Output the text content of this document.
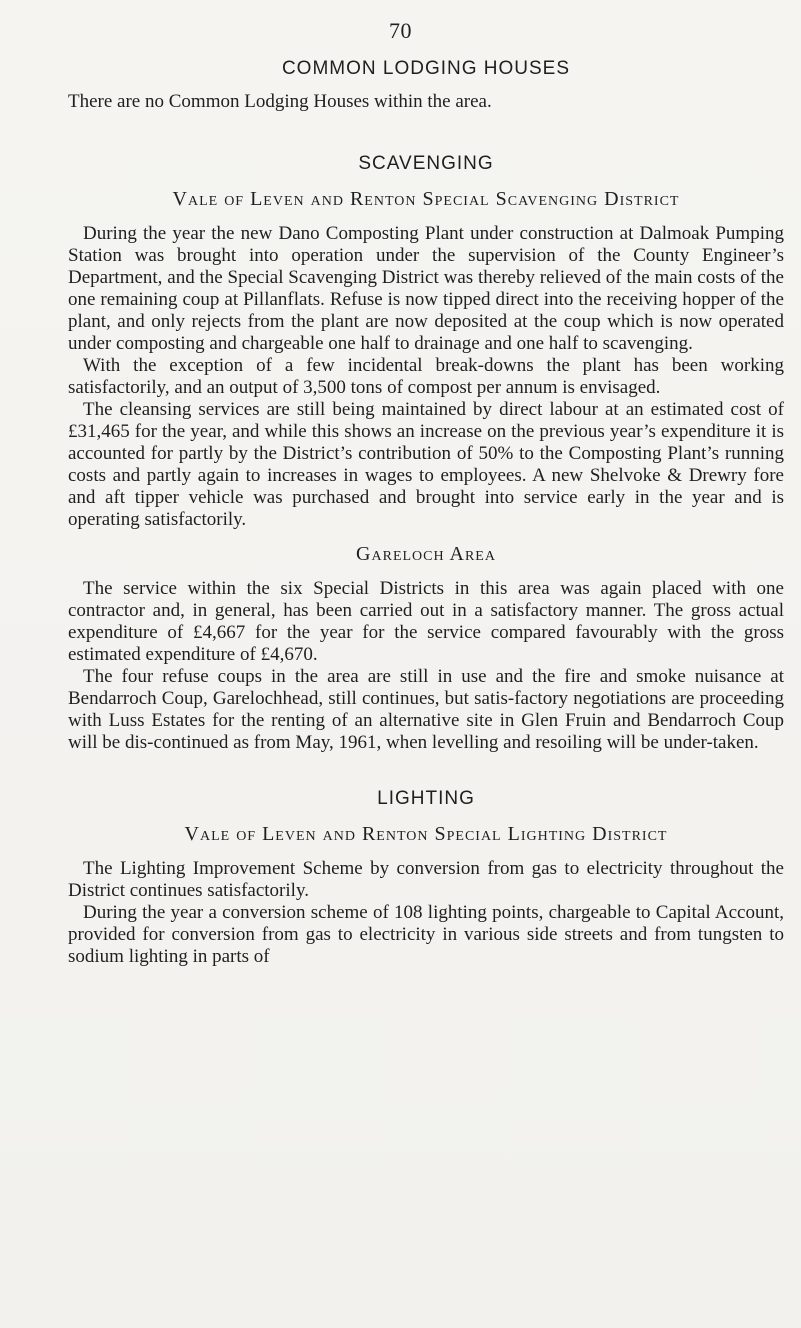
70
COMMON LODGING HOUSES

There are no Common Lodging Houses within the area.

SCAVENGING
Vale of Leven and Renton Special Scavenging District

During the year the new Dano Composting Plant under construction at Dalmoak Pumping Station was brought into operation under the supervision of the County Engineer’s Department, and the Special Scavenging District was thereby relieved of the main costs of the one remaining coup at Pillanflats. Refuse is now tipped direct into the receiving hopper of the plant, and only rejects from the plant are now deposited at the coup which is now operated under composting and chargeable one half to drainage and one half to scavenging.

With the exception of a few incidental break-downs the plant has been working satisfactorily, and an output of 3,500 tons of compost per annum is envisaged.

The cleansing services are still being maintained by direct labour at an estimated cost of £31,465 for the year, and while this shows an increase on the previous year’s expenditure it is accounted for partly by the District’s contribution of 50% to the Composting Plant’s running costs and partly again to increases in wages to employees. A new Shelvoke & Drewry fore and aft tipper vehicle was purchased and brought into service early in the year and is operating satisfactorily.

Gareloch Area

The service within the six Special Districts in this area was again placed with one contractor and, in general, has been carried out in a satisfactory manner. The gross actual expenditure of £4,667 for the year for the service compared favourably with the gross estimated expenditure of £4,670.

The four refuse coups in the area are still in use and the fire and smoke nuisance at Bendarroch Coup, Garelochhead, still continues, but satis-factory negotiations are proceeding with Luss Estates for the renting of an alternative site in Glen Fruin and Bendarroch Coup will be dis-continued as from May, 1961, when levelling and resoiling will be under-taken.

LIGHTING
Vale of Leven and Renton Special Lighting District

The Lighting Improvement Scheme by conversion from gas to electricity throughout the District continues satisfactorily.

During the year a conversion scheme of 108 lighting points, chargeable to Capital Account, provided for conversion from gas to electricity in various side streets and from tungsten to sodium lighting in parts of
